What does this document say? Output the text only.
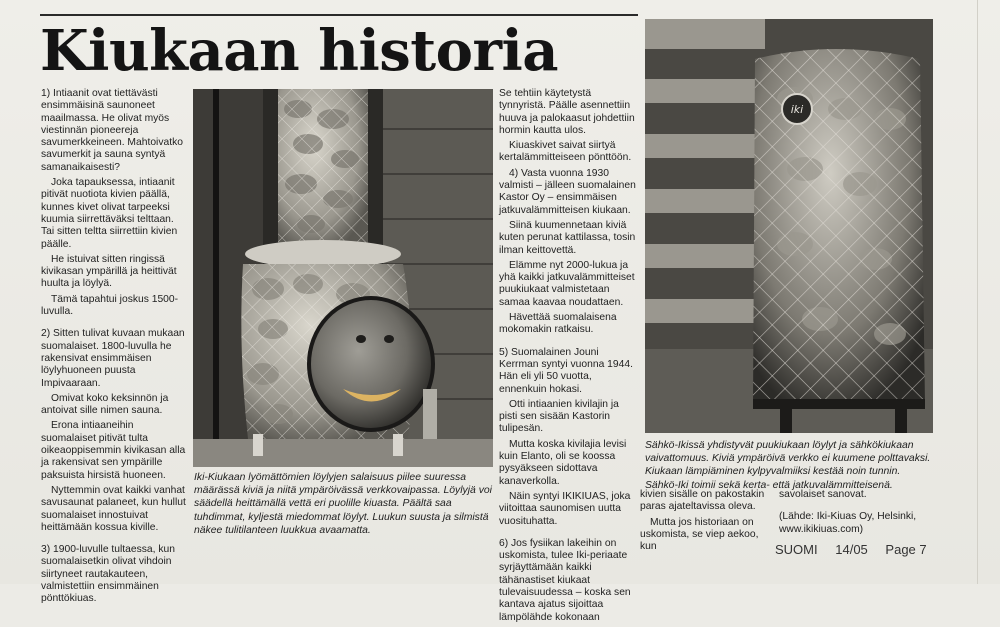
Kiukaan historia

1) Intiaanit ovat tiettävästi ensimmäisinä saunoneet maailmassa. He olivat myös viestinnän pioneereja savumerkkeineen. Mahtoivatko savumerkit ja sauna syntyä samanaikaisesti?

Joka tapauksessa, intiaanit pitivät nuotiota kivien päällä, kunnes kivet olivat tarpeeksi kuumia siirrettäväksi telttaan. Tai sitten teltta siirrettiin kivien päälle.

He istuivat sitten ringissä kivikasan ympärillä ja heittivät huulta ja löylyä.

Tämä tapahtui joskus 1500-luvulla.

2) Sitten tulivat kuvaan mukaan suomalaiset. 1800-luvulla he rakensivat ensimmäisen löylyhuoneen puusta Impivaaraan.

Omivat koko keksinnön ja antoivat sille nimen sauna.

Erona intiaaneihin suomalaiset pitivät tulta oikeaoppisemmin kivikasan alla ja rakensivat sen ympärille paksuista hirsistä huoneen.

Nyttemmin ovat kaikki vanhat savusaunat palaneet, kun hullut suomalaiset innostuivat heittämään kossua kiville.

3) 1900-luvulle tultaessa, kun suomalaisetkin olivat vihdoin siirtyneet rautakauteen, valmistettiin ensimmäinen pönttökiuas.

Se tehtiin käytetystä tynnyristä. Päälle asennettiin huuva ja palokaasut johdettiin hormin kautta ulos.

Kiuaskivet saivat siirtyä kertalämmitteiseen pönttöön.

4) Vasta vuonna 1930 valmisti – jälleen suomalainen Kastor Oy – ensimmäisen jatkuvalämmitteisen kiukaan.

Siinä kuumennetaan kiviä kuten perunat kattilassa, tosin ilman keittovettä.

Elämme nyt 2000-lukua ja yhä kaikki jatkuvalämmitteiset puukiukaat valmistetaan samaa kaavaa noudattaen.

Hävettää suomalaisena mokomakin ratkaisu.

5) Suomalainen Jouni Kerrman syntyi vuonna 1944. Hän eli yli 50 vuotta, ennenkuin hokasi.

Otti intiaanien kivilajin ja pisti sen sisään Kastorin tulipesän.

Mutta koska kivilajia levisi kuin Elanto, oli se koossa pysyäkseen sidottava kanaverkolla.

Näin syntyi IKIKIUAS, joka viitoittaa saunomisen uutta vuosituhatta.

6) Jos fysiikan lakeihin on uskomista, tulee Iki-periaate syrjäyttämään kaikki tähänastiset kiukaat tulevaisuudessa – koska sen kantava ajatus sijoittaa lämpölähde kokonaan

iki
Iki-Kiukaan lyömättömien löylyjen salaisuus piilee suuressa määrässä kiviä ja niitä ympäröivässä verkkovaipassa. Löylyjä voi säädellä heittämällä vettä eri puolille kiuasta. Päältä saa tuhdimmat, kyljestä miedommat löylyt. Luukun suusta ja silmistä näkee tulitilanteen luukkua avaamatta.
Sähkö-Ikissä yhdistyvät puukiukaan löylyt ja sähkökiukaan vaivattomuus. Kiviä ympäröivä verkko ei kuumene polttavaksi. Kiukaan lämpiäminen kylpyvalmiiksi kestää noin tunnin. Sähkö-Iki toimii sekä kerta- että jatkuvalämmitteisenä.

kivien sisälle on pakostakin paras ajateltavissa oleva.

Mutta jos historiaan on uskomista, se viep aekoo, kun

savolaiset sanovat.

(Lähde: Iki-Kiuas Oy, Helsinki, www.ikikiuas.com)

SUOMI 14/05 Page 7
